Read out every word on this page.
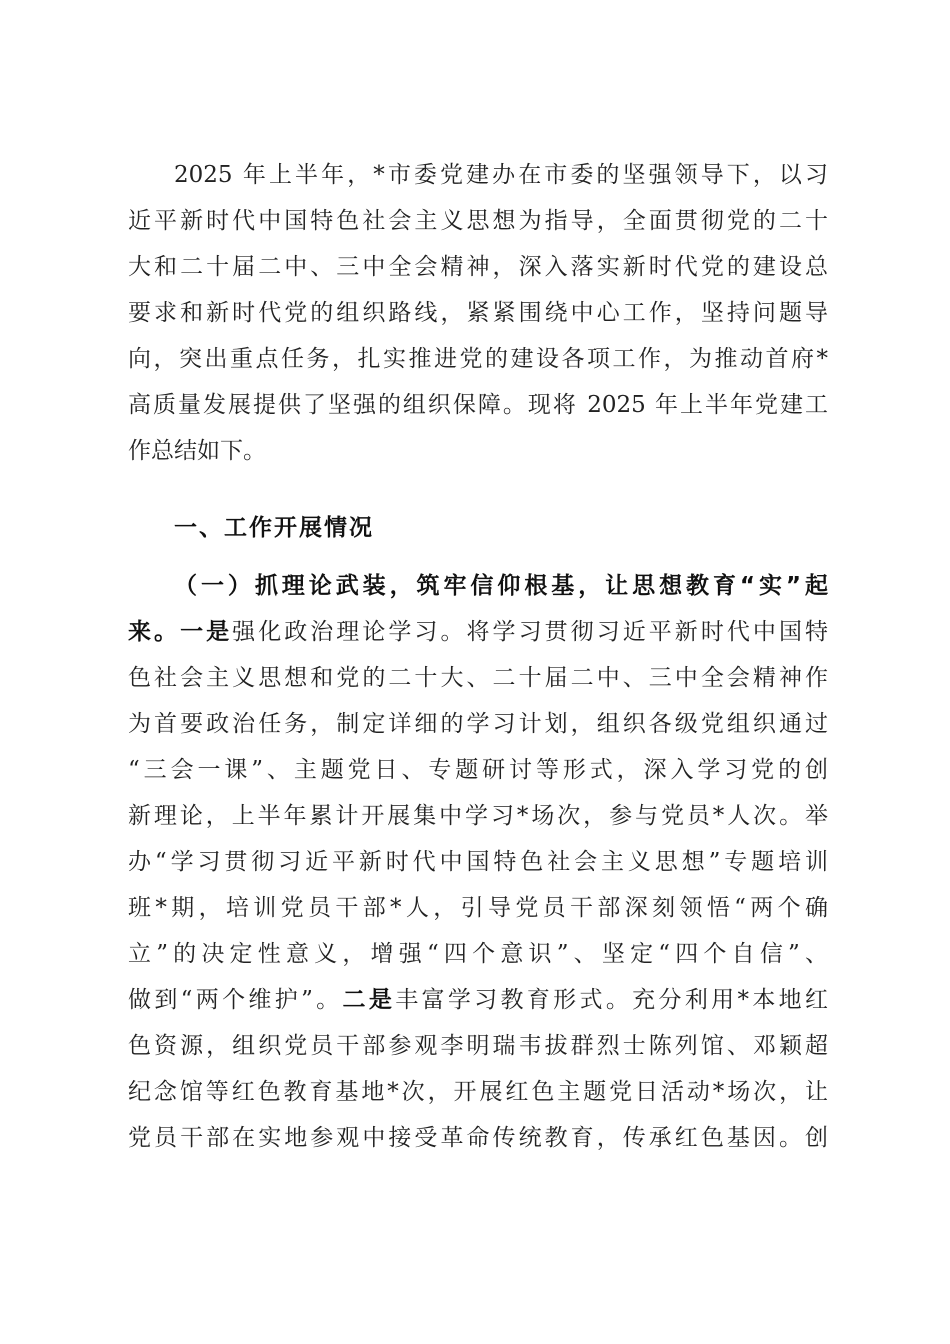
2025 年上半年，*市委党建办在市委的坚强领导下，以习
近平新时代中国特色社会主义思想为指导，全面贯彻党的二十
大和二十届二中、三中全会精神，深入落实新时代党的建设总
要求和新时代党的组织路线，紧紧围绕中心工作，坚持问题导
向，突出重点任务，扎实推进党的建设各项工作，为推动首府*
高质量发展提供了坚强的组织保障。现将 2025 年上半年党建工
作总结如下。
一、工作开展情况
（一）抓理论武装，筑牢信仰根基，让思想教育“实”起
来。一是强化政治理论学习。将学习贯彻习近平新时代中国特
色社会主义思想和党的二十大、二十届二中、三中全会精神作
为首要政治任务，制定详细的学习计划，组织各级党组织通过
“三会一课”、主题党日、专题研讨等形式，深入学习党的创
新理论，上半年累计开展集中学习*场次，参与党员*人次。举
办“学习贯彻习近平新时代中国特色社会主义思想”专题培训
班*期，培训党员干部*人，引导党员干部深刻领悟“两个确
立”的决定性意义，增强“四个意识”、坚定“四个自信”、
做到“两个维护”。二是丰富学习教育形式。充分利用*本地红
色资源，组织党员干部参观李明瑞韦拔群烈士陈列馆、邓颖超
纪念馆等红色教育基地*次，开展红色主题党日活动*场次，让
党员干部在实地参观中接受革命传统教育，传承红色基因。创
